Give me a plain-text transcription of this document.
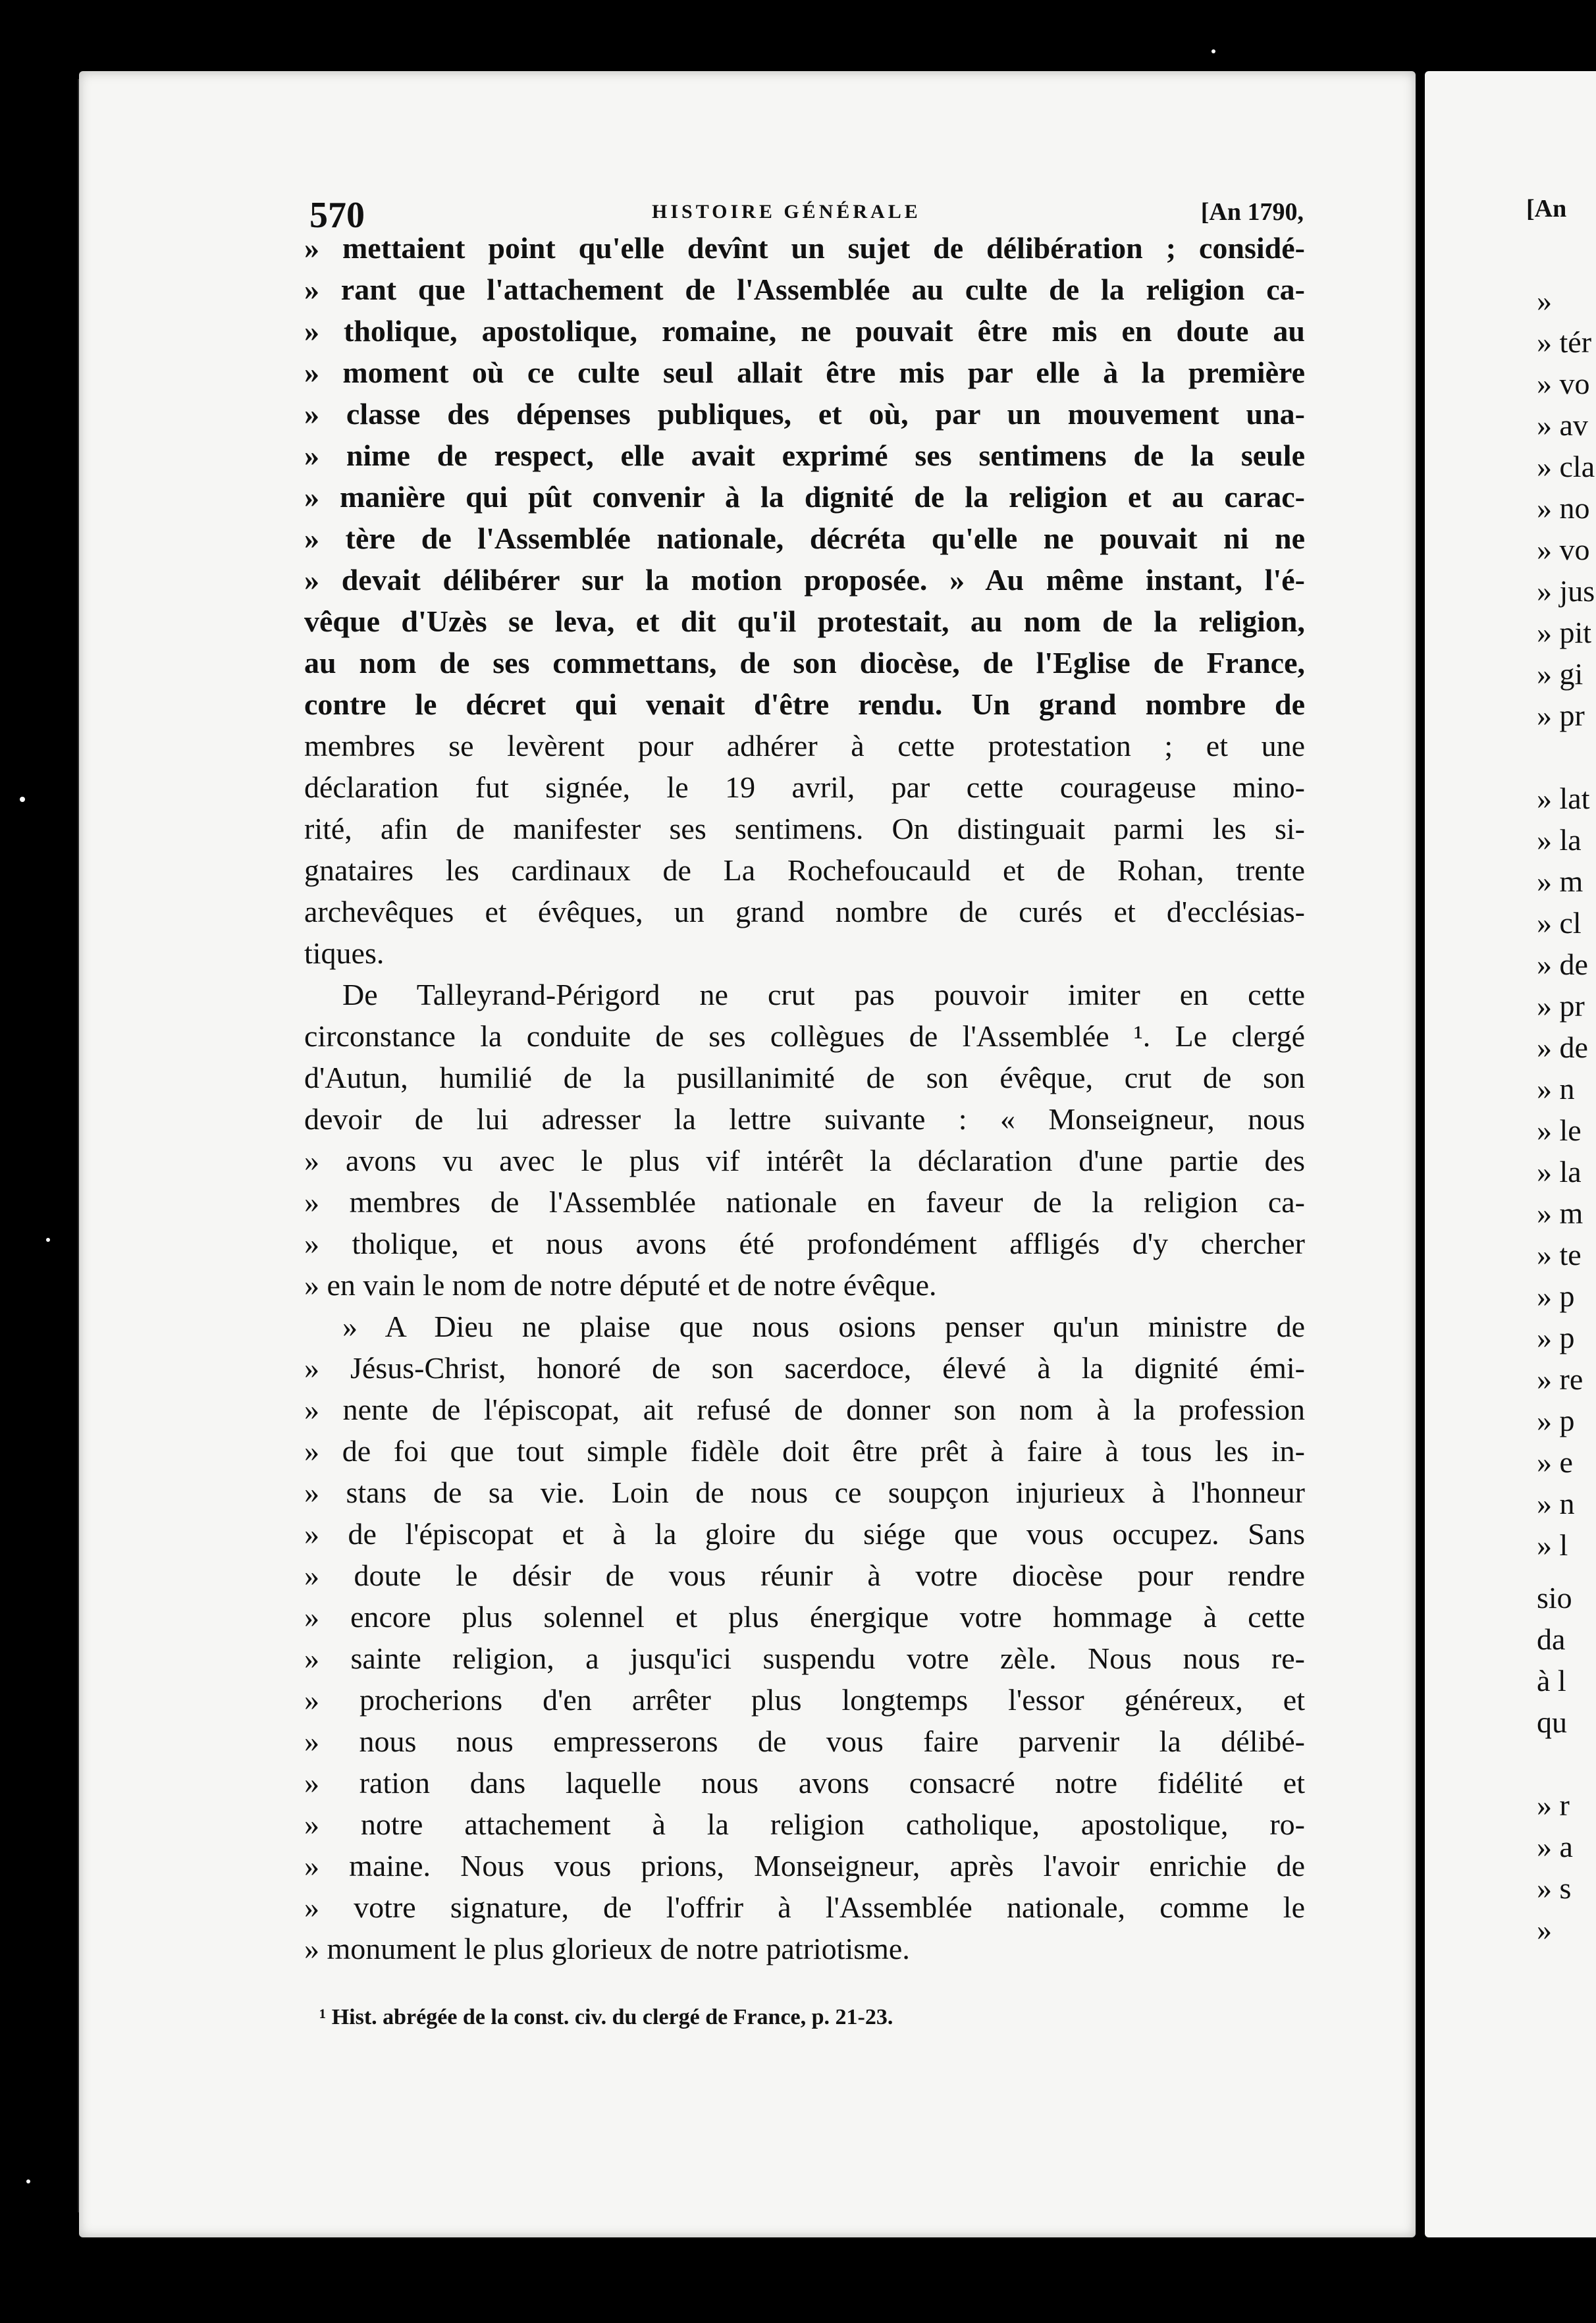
570	HISTOIRE GÉNÉRALE	[An 1790,
» mettaient point qu'elle devînt un sujet de délibération ; considé-
» rant que l'attachement de l'Assemblée au culte de la religion ca-
» tholique, apostolique, romaine, ne pouvait être mis en doute au
» moment où ce culte seul allait être mis par elle à la première
» classe des dépenses publiques, et où, par un mouvement una-
» nime de respect, elle avait exprimé ses sentimens de la seule
» manière qui pût convenir à la dignité de la religion et au carac-
» tère de l'Assemblée nationale, décréta qu'elle ne pouvait ni ne
» devait délibérer sur la motion proposée. » Au même instant, l'é-
vêque d'Uzès se leva, et dit qu'il protestait, au nom de la religion,
au nom de ses commettans, de son diocèse, de l'Eglise de France,
contre le décret qui venait d'être rendu. Un grand nombre de
membres se levèrent pour adhérer à cette protestation ; et une
déclaration fut signée, le 19 avril, par cette courageuse mino-
rité, afin de manifester ses sentimens. On distinguait parmi les si-
gnataires les cardinaux de La Rochefoucauld et de Rohan, trente
archevêques et évêques, un grand nombre de curés et d'ecclésias-
tiques.
De Talleyrand-Périgord ne crut pas pouvoir imiter en cette
circonstance la conduite de ses collègues de l'Assemblée ¹. Le clergé
d'Autun, humilié de la pusillanimité de son évêque, crut de son
devoir de lui adresser la lettre suivante : « Monseigneur, nous
» avons vu avec le plus vif intérêt la déclaration d'une partie des
» membres de l'Assemblée nationale en faveur de la religion ca-
» tholique, et nous avons été profondément affligés d'y chercher
» en vain le nom de notre député et de notre évêque.
» A Dieu ne plaise que nous osions penser qu'un ministre de
» Jésus-Christ, honoré de son sacerdoce, élevé à la dignité émi-
» nente de l'épiscopat, ait refusé de donner son nom à la profession
» de foi que tout simple fidèle doit être prêt à faire à tous les in-
» stans de sa vie. Loin de nous ce soupçon injurieux à l'honneur
» de l'épiscopat et à la gloire du siége que vous occupez. Sans
» doute le désir de vous réunir à votre diocèse pour rendre
» encore plus solennel et plus énergique votre hommage à cette
» sainte religion, a jusqu'ici suspendu votre zèle. Nous nous re-
» procherions d'en arrêter plus longtemps l'essor généreux, et
» nous nous empresserons de vous faire parvenir la délibé-
» ration dans laquelle nous avons consacré notre fidélité et
» notre attachement à la religion catholique, apostolique, ro-
» maine. Nous vous prions, Monseigneur, après l'avoir enrichie de
» votre signature, de l'offrir à l'Assemblée nationale, comme le
» monument le plus glorieux de notre patriotisme.
¹ Hist. abrégée de la const. civ. du clergé de France, p. 21-23.
[An
»
» tér
» vo
» av
» cla
» no
» vo
» jus
» pit
» gi
» pr
» lat
» la
» m
» cl
» de
» pr
» de
» n
» le
» la
» m
» te
» p
» p
» re
» p
» e
» n
» l
sio
da
à l
qu
» r
» a
» s
»
